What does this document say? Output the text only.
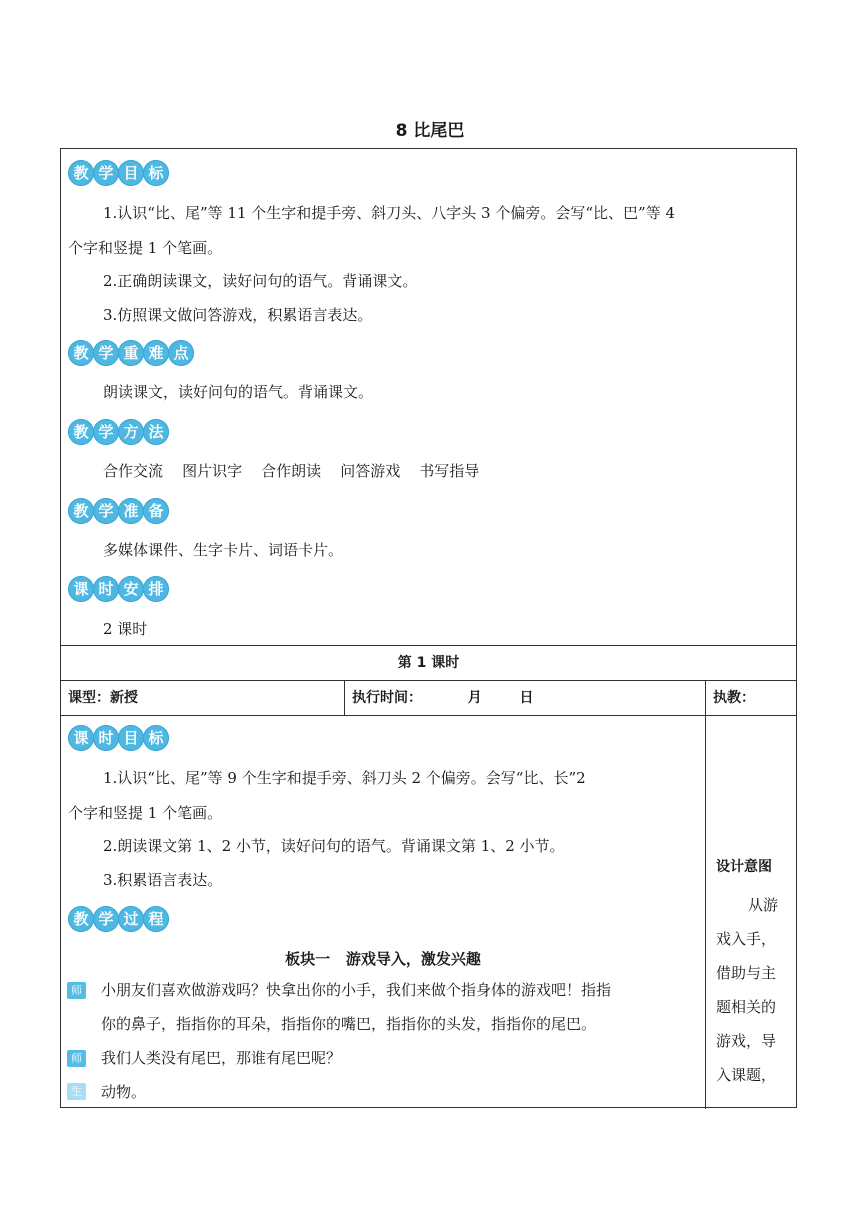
8 比尾巴
教 学 目 标
1.认识“比、尾”等 11 个生字和提手旁、斜刀头、八字头 3 个偏旁。会写“比、巴”等 4
个字和竖提 1 个笔画。
2.正确朗读课文，读好问句的语气。背诵课文。
3.仿照课文做问答游戏，积累语言表达。
教 学 重 难 点
朗读课文，读好问句的语气。背诵课文。
教 学 方 法
合作交流    图片识字    合作朗读    问答游戏    书写指导
教 学 准 备
多媒体课件、生字卡片、词语卡片。
课 时 安 排
2 课时
第 1 课时
课型：新授	执行时间：	月	日	执教：
课 时 目 标
1.认识“比、尾”等 9 个生字和提手旁、斜刀头 2 个偏旁。会写“比、长”2
个字和竖提 1 个笔画。
2.朗读课文第 1、2 小节，读好问句的语气。背诵课文第 1、2 小节。
3.积累语言表达。
教 学 过 程
板块一   游戏导入，激发兴趣
师 小朋友们喜欢做游戏吗？快拿出你的小手，我们来做个指身体的游戏吧！指指
你的鼻子，指指你的耳朵，指指你的嘴巴，指指你的头发，指指你的尾巴。
师 我们人类没有尾巴，那谁有尾巴呢？
生 动物。
设计意图
从游戏入手，借助与主题相关的游戏，导入课题，
